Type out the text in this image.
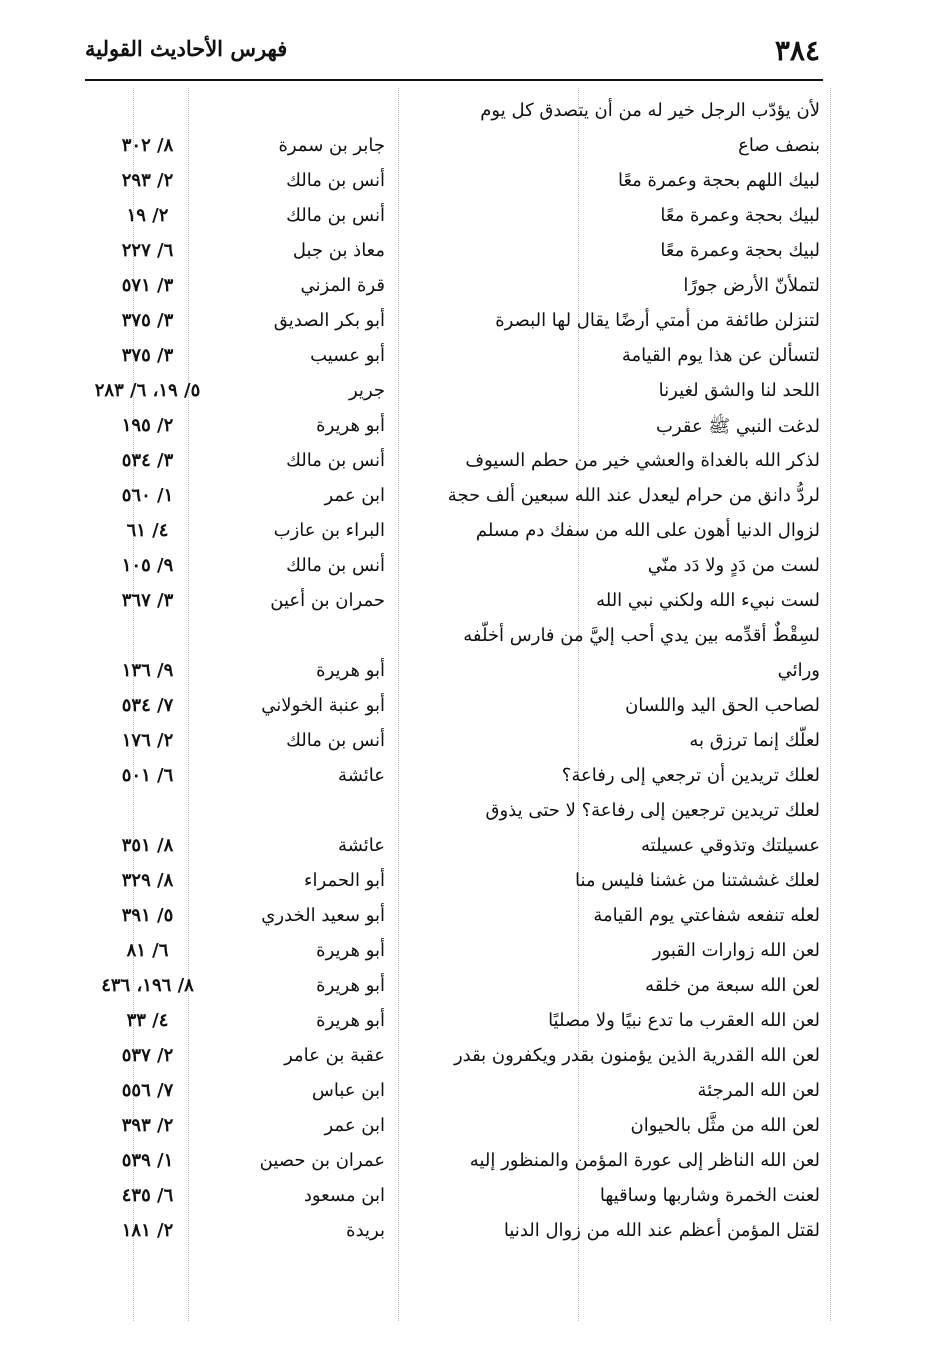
٣٨٤
فهرس الأحاديث القولية
لأن يؤدّب الرجل خير له من أن يتصدق كل يوم
بنصف صاع
جابر بن سمرة
٨/ ٣٠٢
لبيك اللهم بحجة وعمرة معًا
أنس بن مالك
٢/ ٢٩٣
لبيك بحجة وعمرة معًا
أنس بن مالك
٢/ ١٩
لبيك بحجة وعمرة معًا
معاذ بن جبل
٦/ ٢٢٧
لتملأنّ الأرض جورًا
قرة المزني
٣/ ٥٧١
لتنزلن طائفة من أمتي أرضًا يقال لها البصرة
أبو بكر الصديق
٣/ ٣٧٥
لتسألن عن هذا يوم القيامة
أبو عسيب
٣/ ٣٧٥
اللحد لنا والشق لغيرنا
جرير
٥/ ١٩، ٦/ ٢٨٣
لدغت النبي ﷺ عقرب
أبو هريرة
٢/ ١٩٥
لذكر الله بالغداة والعشي خير من حطم السيوف
أنس بن مالك
٣/ ٥٣٤
لردُّ دانق من حرام ليعدل عند الله سبعين ألف حجة
ابن عمر
١/ ٥٦٠
لزوال الدنيا أهون على الله من سفك دم مسلم
البراء بن عازب
٤/ ٦١
لست من دَدٍ ولا دَد منّي
أنس بن مالك
٩/ ١٠٥
لست نبيء الله ولكني نبي الله
حمران بن أعين
٣/ ٣٦٧
لسِقْطٌ أقدِّمه بين يدي أحب إليَّ من فارس أخلّفه
ورائي
أبو هريرة
٩/ ١٣٦
لصاحب الحق اليد واللسان
أبو عنبة الخولاني
٧/ ٥٣٤
لعلّك إنما ترزق به
أنس بن مالك
٢/ ١٧٦
لعلك تريدين أن ترجعي إلى رفاعة؟
عائشة
٦/ ٥٠١
لعلك تريدين ترجعين إلى رفاعة؟ لا حتى يذوق
عسيلتك وتذوقي عسيلته
عائشة
٨/ ٣٥١
لعلك غششتنا من غشنا فليس منا
أبو الحمراء
٨/ ٣٢٩
لعله تنفعه شفاعتي يوم القيامة
أبو سعيد الخدري
٥/ ٣٩١
لعن الله زوارات القبور
أبو هريرة
٦/ ٨١
لعن الله سبعة من خلقه
أبو هريرة
٨/ ١٩٦، ٤٣٦
لعن الله العقرب ما تدع نبيًا ولا مصليًا
أبو هريرة
٤/ ٣٣
لعن الله القدرية الذين يؤمنون بقدر ويكفرون بقدر
عقبة بن عامر
٢/ ٥٣٧
لعن الله المرجئة
ابن عباس
٧/ ٥٥٦
لعن الله من مثَّل بالحيوان
ابن عمر
٢/ ٣٩٣
لعن الله الناظر إلى عورة المؤمن والمنظور إليه
عمران بن حصين
١/ ٥٣٩
لعنت الخمرة وشاربها وساقيها
ابن مسعود
٦/ ٤٣٥
لقتل المؤمن أعظم عند الله من زوال الدنيا
بريدة
٢/ ١٨١
